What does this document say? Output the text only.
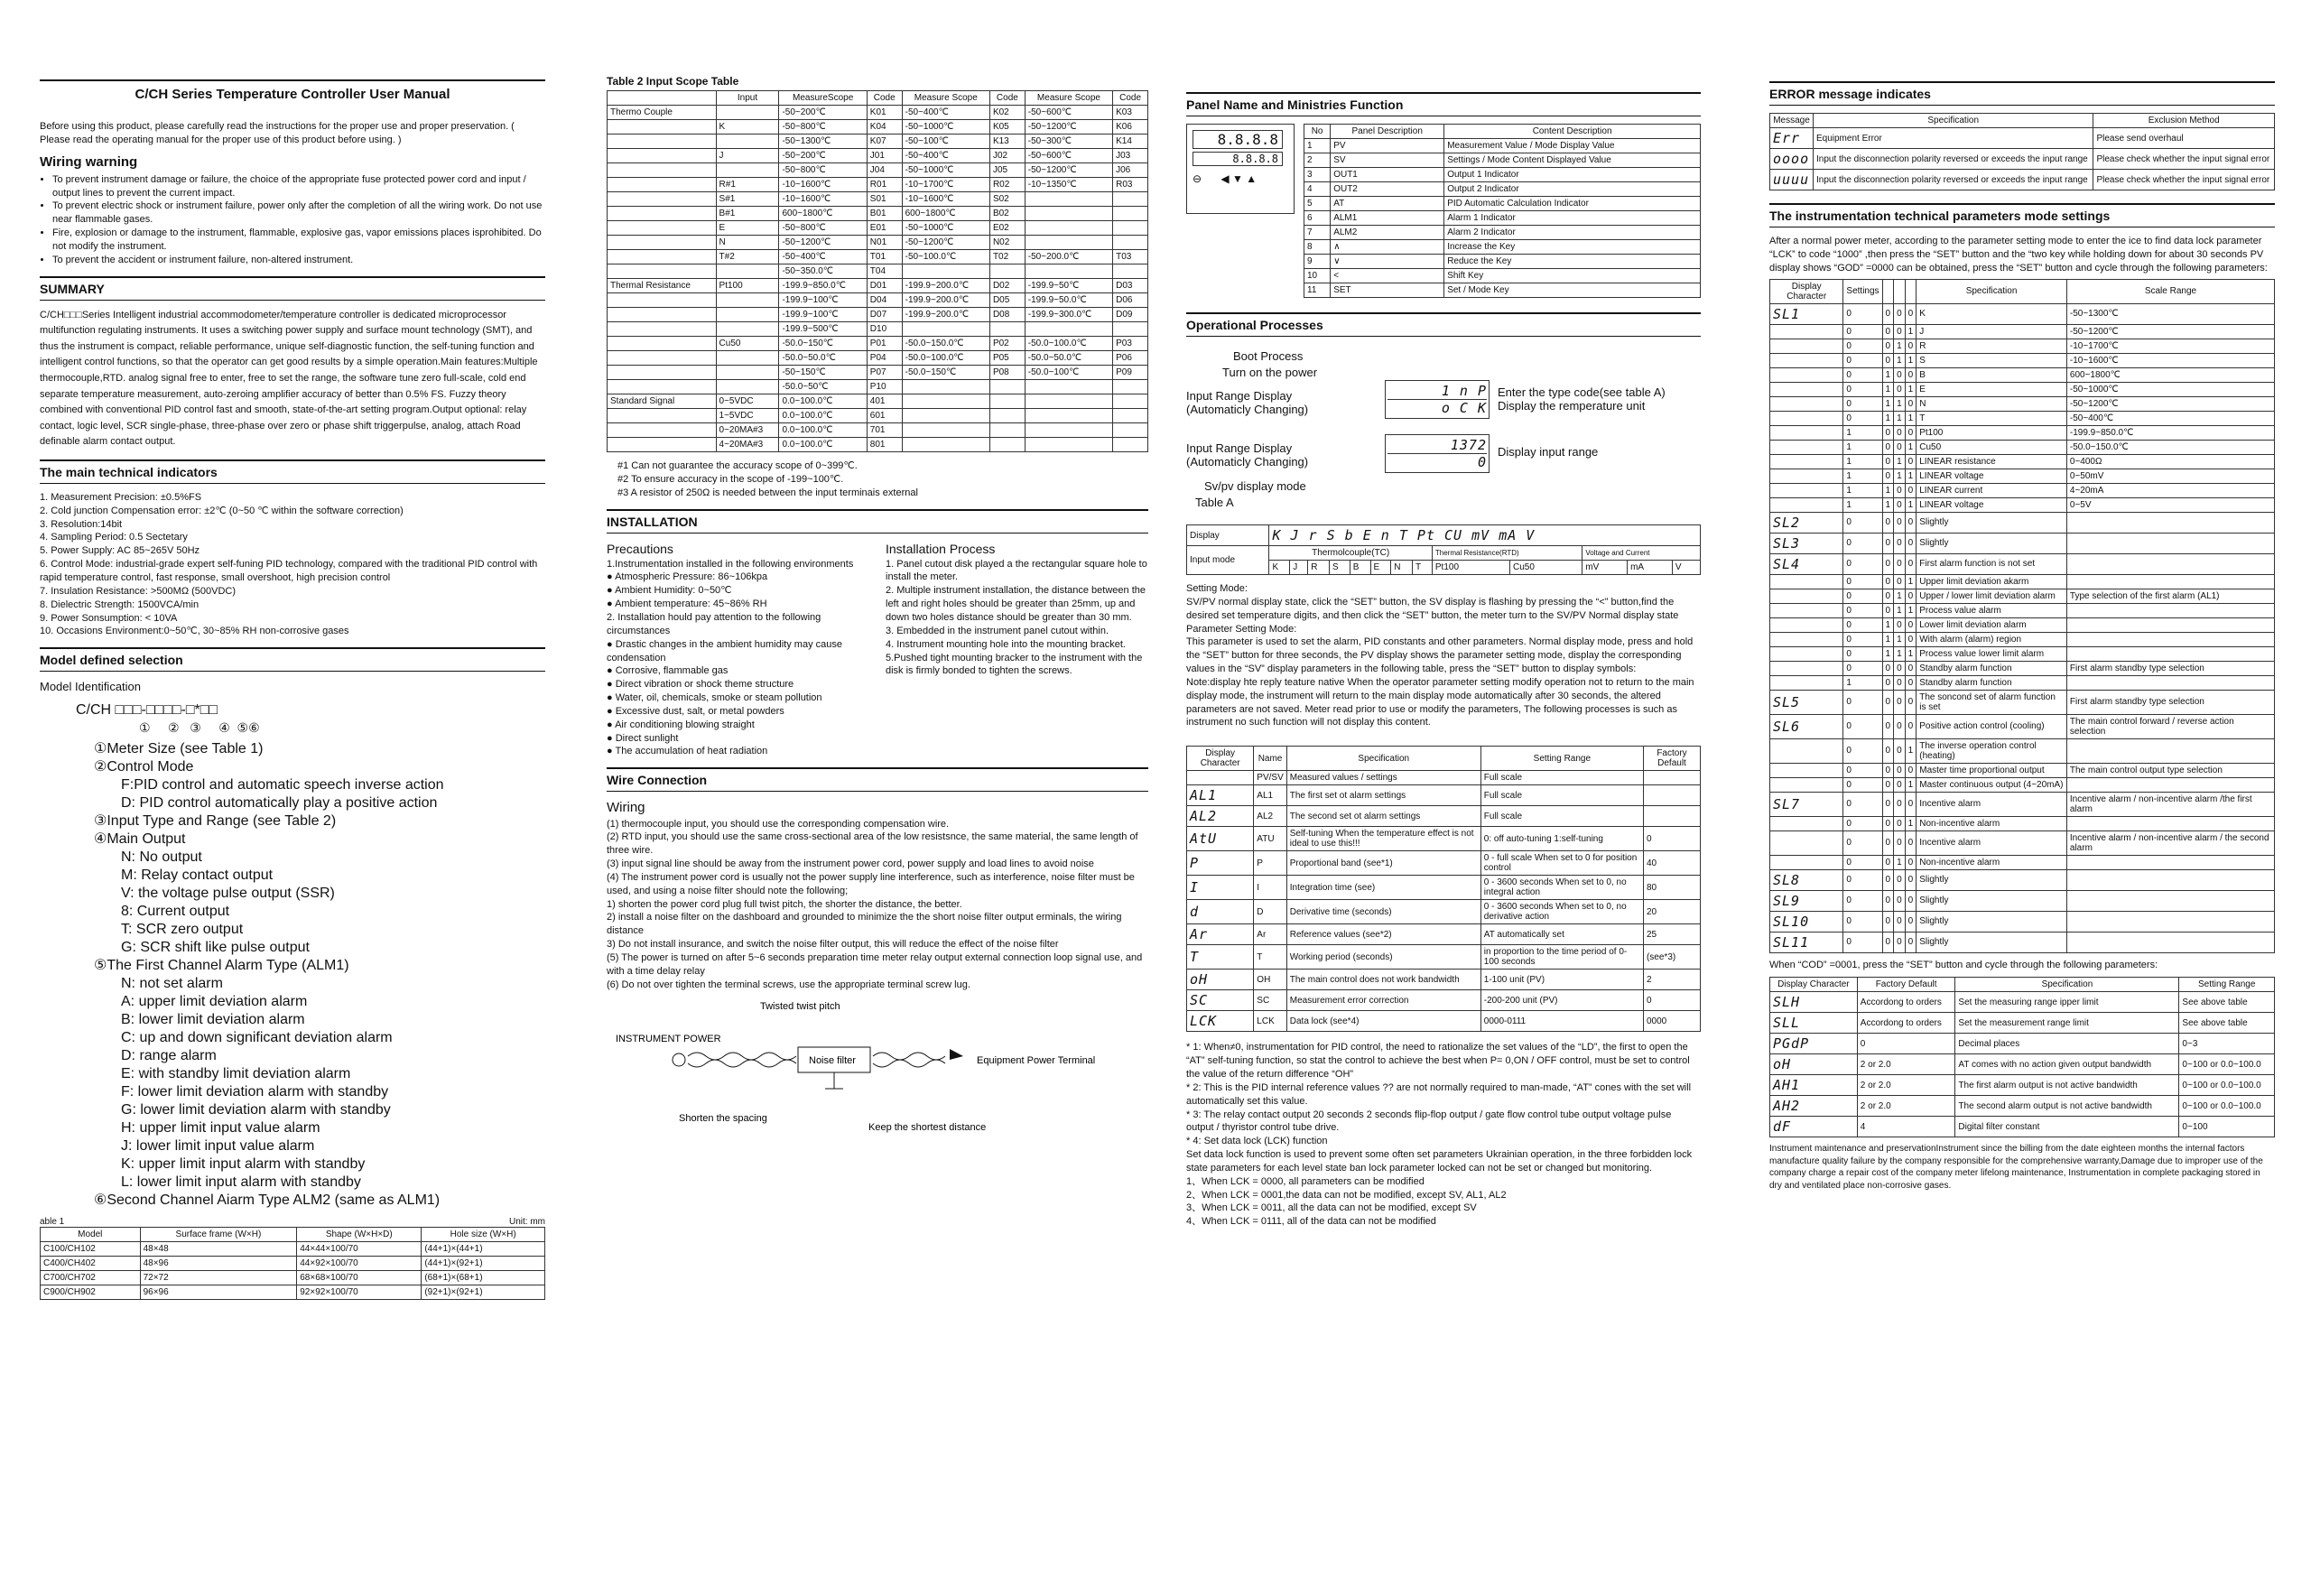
C/CH Series Temperature Controller User Manual

Before using this product, please carefully read the instructions for the proper use and proper preservation. ( Please read the operating manual for the proper use of this product before using. )

Wiring warning
• To prevent instrument damage or failure, the choice of the appropriate fuse protected power cord and input / output lines to prevent the current impact.
• To prevent electric shock or instrument failure, power only after the completion of all the wiring work. Do not use near flammable gases.
• Fire, explosion or damage to the instrument, flammable, explosive gas, vapor emissions places isprohibited. Do not modify the instrument.
• To prevent the accident or instrument failure, non-altered instrument.
SUMMARY

C/CH□□□Series Intelligent industrial accommodometer/temperature controller is dedicated microprocessor multifunction regulating instruments. It uses a switching power supply and surface mount technology (SMT), and thus the instrument is compact, reliable performance, unique self-diagnostic function, the self-tuning function and intelligent control functions, so that the operator can get good results by a simple operation.Main features:Multiple thermocouple,RTD. analog signal free to enter, free to set the range, the software tune zero full-scale, cold end separate temperature measurement, auto-zeroing amplifier accuracy of better than 0.5% FS. Fuzzy theory combined with conventional PID control fast and smooth, state-of-the-art setting program.Output optional: relay contact, logic level, SCR single-phase, three-phase over zero or phase shift triggerpulse, analog, attach Road definable alarm contact output.

The main technical indicators

1. Measurement Precision: ±0.5%FS

2. Cold junction Compensation error: ±2℃ (0~50 ℃ within the software correction)

3. Resolution:14bit

4. Sampling Period: 0.5 Sectetary

5. Power Supply: AC 85~265V 50Hz

6. Control Mode: industrial-grade expert self-funing PID technology, compared with the traditional PID control with rapid temperature control, fast response, small overshoot, high precision control

7. Insulation Resistance: >500MΩ (500VDC)

8. Dielectric Strength: 1500VCA/min

9. Power Sonsumption: < 10VA

10. Occasions Environment:0~50℃, 30~85% RH non-corrosive gases

Model defined selection

Model Identification

C/CH □□□-□□□□-□*□□

①     ②   ③     ④  ⑤⑥

①Meter Size (see Table 1)
②Control Mode
F:PID control and automatic speech inverse action
D: PID control automatically play a positive action
③Input Type and Range (see Table 2)
④Main Output
N: No output
M: Relay contact output
V: the voltage pulse output (SSR)
8: Current output
T: SCR zero output
G: SCR shift like pulse output
⑤The First Channel Alarm Type (ALM1)
N: not set alarm
A: upper limit deviation alarm
B: lower limit deviation alarm
C: up and down significant deviation alarm
D: range alarm
E: with standby limit deviation alarm
F: lower limit deviation alarm with standby
G: lower limit deviation alarm with standby
H: upper limit input value alarm
J: lower limit input value alarm
K: upper limit input alarm with standby
L: lower limit input alarm with standby
⑥Second Channel Aiarm Type ALM2 (same as ALM1)
able 1	Unit: mm
Model	Surface frame (W×H)	Shape (W×H×D)	Hole size (W×H)
C100/CH102	48×48	44×44×100/70	(44+1)×(44+1)
C400/CH402	48×96	44×92×100/70	(44+1)×(92+1)
C700/CH702	72×72	68×68×100/70	(68+1)×(68+1)
C900/CH902	96×96	92×92×100/70	(92+1)×(92+1)

Table 2 Input Scope Table

	Input	MeasureScope	Code	Measure Scope	Code	Measure Scope	Code
Thermo Couple		-50~200℃	K01	-50~400℃	K02	-50~600℃	K03
	K	-50~800℃	K04	-50~1000℃	K05	-50~1200℃	K06
		-50~1300℃	K07	-50~100℃	K13	-50~300℃	K14
	J	-50~200℃	J01	-50~400℃	J02	-50~600℃	J03
		-50~800℃	J04	-50~1000℃	J05	-50~1200℃	J06
	R#1	-10~1600℃	R01	-10~1700℃	R02	-10~1350℃	R03
	S#1	-10~1600℃	S01	-10~1600℃	S02		
	B#1	600~1800℃	B01	600~1800℃	B02		
	E	-50~800℃	E01	-50~1000℃	E02		
	N	-50~1200℃	N01	-50~1200℃	N02		
	T#2	-50~400℃	T01	-50~100.0℃	T02	-50~200.0℃	T03
		-50~350.0℃	T04				
Thermal Resistance	Pt100	-199.9~850.0℃	D01	-199.9~200.0℃	D02	-199.9~50℃	D03
		-199.9~100℃	D04	-199.9~200.0℃	D05	-199.9~50.0℃	D06
		-199.9~100℃	D07	-199.9~200.0℃	D08	-199.9~300.0℃	D09
		-199.9~500℃	D10				
	Cu50	-50.0~150℃	P01	-50.0~150.0℃	P02	-50.0~100.0℃	P03
		-50.0~50.0℃	P04	-50.0~100.0℃	P05	-50.0~50.0℃	P06
		-50~150℃	P07	-50.0~150℃	P08	-50.0~100℃	P09
		-50.0~50℃	P10				
Standard Signal	0~5VDC	0.0~100.0℃	401				
	1~5VDC	0.0~100.0℃	601				
	0~20MA#3	0.0~100.0℃	701				
	4~20MA#3	0.0~100.0℃	801				

#1 Can not guarantee the accuracy scope of 0~399℃.

#2 To ensure accuracy in the scope of -199~100℃.

#3 A resistor of 250Ω is needed between the input terminais external

INSTALLATION

Precautions

1.Instrumentation installed in the following environments

● Atmospheric Pressure: 86~106kpa

● Ambient Humidity: 0~50℃

● Ambient temperature: 45~86% RH

2. Installation hould pay attention to the following circumstances

● Drastic changes in the ambient humidity may cause condensation

● Corrosive, flammable gas

● Direct vibration or shock theme structure

● Water, oil, chemicals, smoke or steam pollution

● Excessive dust, salt, or metal powders

● Air conditioning blowing straight

● Direct sunlight

● The accumulation of heat radiation

Installation Process

1. Panel cutout disk played a the rectangular square hole to install the meter.

2. Multiple instrument installation, the distance between the left and right holes should be greater than 25mm, up and down two holes distance should be greater than 30 mm.

3. Embedded in the instrument panel cutout within.

4. Instrument mounting hole into the mounting bracket.

5.Pushed tight mounting bracker to the instrument with the disk is firmly bonded to tighten the screws.

Wire Connection

Wiring

(1) thermocouple input, you should use the corresponding compensation wire.

(2) RTD input, you should use the same cross-sectional area of the low resistsnce, the same material, the same length of three wire.

(3) input signal line should be away from the instrument power cord, power supply and load lines to avoid noise

(4) The instrument power cord is usually not the power supply line interference, such as interference, noise filter must be used, and using a noise filter should note the following;

1) shorten the power cord plug full twist pitch, the shorter the distance, the better.

2) install a noise filter on the dashboard and grounded to minimize the the short noise filter output erminals, the wiring distance

3) Do not install insurance, and switch the noise filter output, this will reduce the effect of the noise filter

(5) The power is turned on after 5~6 seconds preparation time meter relay output external connection loop signal use, and with a time delay relay

(6) Do not over tighten the terminal screws, use the appropriate terminal screw lug.

Twisted twist pitch
INSTRUMENT POWER
Noise filter	Equipment Power Terminal
Shorten the spacing
Keep the shortest distance
Panel Name and Ministries Function
8.8.8.8 8.8.8.8
⊖ ◀ ▼ ▲
No	Panel Description	Content Description
1	PV	Measurement Value / Mode Display Value
2	SV	Settings / Mode Content Displayed Value
3	OUT1	Output 1 Indicator
4	OUT2	Output 2 Indicator
5	AT	PID Automatic Calculation Indicator
6	ALM1	Alarm 1 Indicator
7	ALM2	Alarm 2 Indicator
8	∧	Increase the Key
9	∨	Reduce the Key
10	<	Shift Key
11	SET	Set / Mode Key
Operational Processes
Boot Process
Turn on the power
Input Range Display (Automaticly Changing)
1 n P
o C K
Enter the type code(see table A) Display the remperature unit
Input Range Display (Automaticly Changing)
1372
0
Display input range
Sv/pv display mode
Table A
Display	K J r S b E n T Pt CU mV mA V												
Input mode	Thermolcouple(TC)								Thermal Resistance(RTD)		Voltage and Current		
	K	J	R	S	B	E	N	T	Pt100	Cu50	mV	mA	V

Setting Mode:

SV/PV normal display state, click the “SET” button, the SV display is flashing by pressing the “<” button,find the desired set temperature digits, and then click the “SET” button, the meter turn to the SV/PV Normal display state

Parameter Setting Mode:

This parameter is used to set the alarm, PID constants and other parameters. Normal display mode, press and hold the “SET” button for three seconds, the PV display shows the parameter setting mode, display the corresponding values in the “SV” display parameters in the following table, press the “SET” button to display symbols:

Note:display hte reply teature native When the operator parameter setting modify operation not to return to the main display mode, the instrument will return to the main display mode automatically after 30 seconds, the altered parameters are not saved. Meter read prior to use or modify the parameters, The following processes is such as instrument no such function will not display this content.

Display Character	Name	Specification	Setting Range	Factory Default
	PV/SV	Measured values / settings	Full scale	
AL1	AL1	The first set ot alarm settings	Full scale	
AL2	AL2	The second set ot alarm settings	Full scale	
AtU	ATU	Self-tuning When the temperature effect is not ideal to use this!!!	0: off auto-tuning 1:self-tuning	0
P	P	Proportional band (see*1)	0 - full scale When set to 0 for position control	40
I	I	Integration time (see)	0 - 3600 seconds When set to 0, no integral action	80
d	D	Derivative time (seconds)	0 - 3600 seconds When set to 0, no derivative action	20
Ar	Ar	Reference values (see*2)	AT automatically set	25
T	T	Working period (seconds)	in proportion to the time period of 0-100 seconds	(see*3)
oH	OH	The main control does not work bandwidth	1-100 unit (PV)	2
SC	SC	Measurement error correction	-200-200 unit (PV)	0
LCK	LCK	Data lock (see*4)	0000-0111	0000

* 1: When≠0, instrumentation for PID control, the need to rationalize the set values of the “LD”, the first to open the “AT” self-tuning function, so stat the control to achieve the best when P= 0,ON / OFF control, must be set to control the value of the return difference “OH”

* 2: This is the PID internal reference values ?? are not normally required to man-made, “AT” cones with the set will automatically set this value.

* 3: The relay contact output 20 seconds 2 seconds flip-flop output / gate flow control tube output voltage pulse output / thyristor control tube drive.

* 4: Set data lock (LCK) function

Set data lock function is used to prevent some often set parameters Ukrainian operation, in the three forbidden lock state parameters for each level state ban lock parameter locked can not be set or changed but monitoring.

1、When LCK = 0000, all parameters can be modified

2、When LCK = 0001,the data can not be modified, except SV, AL1, AL2

3、When LCK = 0011, all the data can not be modified, except SV

4、When LCK = 0111, all of the data can not be modified

ERROR message indicates
Message	Specification	Exclusion Method
Err	Equipment Error	Please send overhaul
oooo	Input the disconnection polarity reversed or exceeds the input range	Please check whether the input signal error
uuuu	Input the disconnection polarity reversed or exceeds the input range	Please check whether the input signal error
The instrumentation technical parameters mode settings

After a normal power meter, according to the parameter setting mode to enter the ice to find data lock parameter “LCK” to code “1000” ,then press the “SET” button and the “two key while holding down for about 30 seconds PV display shows “GOD” =0000 can be obtained, press the “SET” button and cycle through the following parameters:

Display Character	Settings				Specification	Scale Range
SL1	0	0	0	0	K	-50~1300℃
	0	0	0	1	J	-50~1200℃
	0	0	1	0	R	-10~1700℃
	0	0	1	1	S	-10~1600℃
	0	1	0	0	B	600~1800℃
	0	1	0	1	E	-50~1000℃
	0	1	1	0	N	-50~1200℃
	0	1	1	1	T	-50~400℃
	1	0	0	0	Pt100	-199.9~850.0℃
	1	0	0	1	Cu50	-50.0~150.0℃
	1	0	1	0	LINEAR resistance	0~400Ω
	1	0	1	1	LINEAR voltage	0~50mV
	1	1	0	0	LINEAR current	4~20mA
	1	1	0	1	LINEAR voltage	0~5V
SL2	0	0	0	0	Slightly	
SL3	0	0	0	0	Slightly	
SL4	0	0	0	0	First alarm function is not set	
	0	0	0	1	Upper limit deviation akarm	
	0	0	1	0	Upper / lower limit deviation alarm	Type selection of the first alarm (AL1)
	0	0	1	1	Process value alarm	
	0	1	0	0	Lower limit deviation alarm	
	0	1	1	0	With alarm (alarm) region	
	0	1	1	1	Process value lower limit alarm	
	0	0	0	0	Standby alarm function	First alarm standby type selection
	1	0	0	0	Standby alarm function	
SL5	0	0	0	0	The soncond set of alarm function is set	First alarm standby type selection
SL6	0	0	0	0	Positive action control (cooling)	The main control forward / reverse action selection
	0	0	0	1	The inverse operation control (heating)	
	0	0	0	0	Master time proportional output	The main control output type selection
	0	0	0	1	Master continuous output (4~20mA)	
SL7	0	0	0	0	Incentive alarm	Incentive alarm / non-incentive alarm /the first alarm
	0	0	0	1	Non-incentive alarm	
	0	0	0	0	Incentive alarm	Incentive alarm / non-incentive alarm / the second alarm
	0	0	1	0	Non-incentive alarm	
SL8	0	0	0	0	Slightly	
SL9	0	0	0	0	Slightly	
SL10	0	0	0	0	Slightly	
SL11	0	0	0	0	Slightly	

When “COD” =0001, press the “SET” button and cycle through the following parameters:

Display Character	Factory Default	Specification	Setting Range
SLH	Accordong to orders	Set the measuring range ipper limit	See above table
SLL	Accordong to orders	Set the measurement range limit	See above table
PGdP	0	Decimal places	0~3
oH	2 or 2.0	AT comes with no action given output bandwidth	0~100 or 0.0~100.0
AH1	2 or 2.0	The first alarm output is not active bandwidth	0~100 or 0.0~100.0
AH2	2 or 2.0	The second alarm output is not active bandwidth	0~100 or 0.0~100.0
dF	4	Digital filter constant	0~100

Instrument maintenance and preservationInstrument since the billing from the date eighteen months the internal factors manufacture quality failure by the company responsible for the comprehensive warranty,Damage due to improper use of the company charge a repair cost of the company meter lifelong maintenance, Instrumentation in complete packaging stored in dry and ventilated place non-corrosive gases.
